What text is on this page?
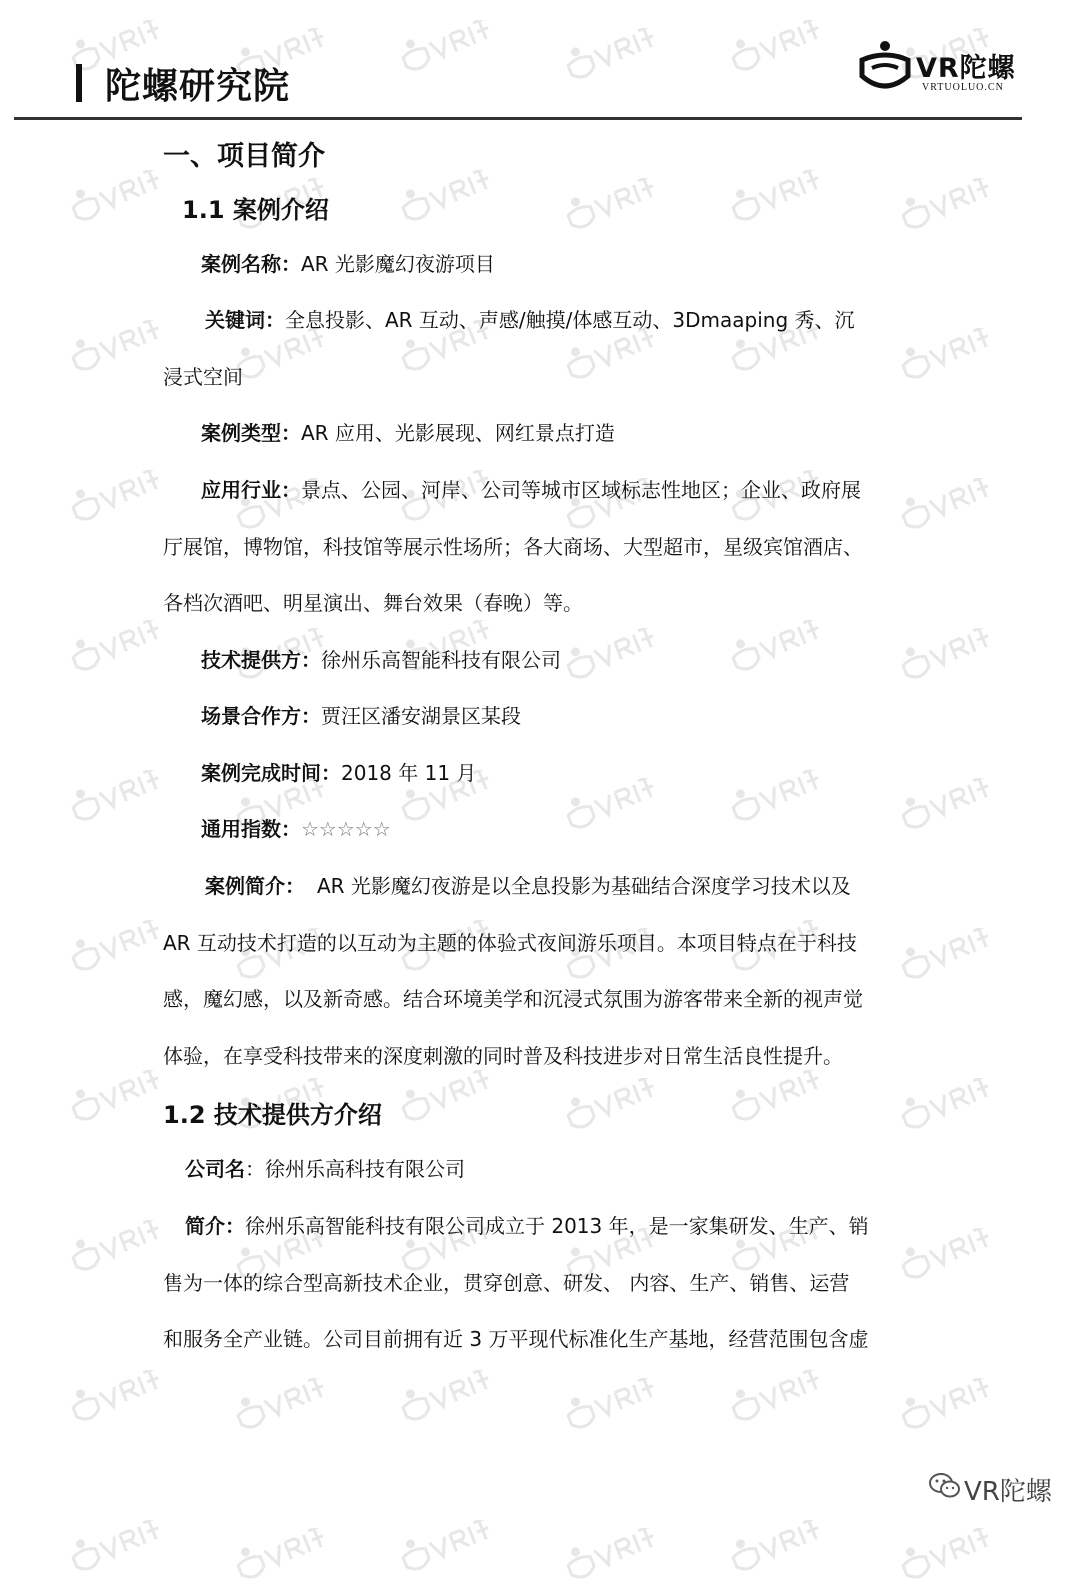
陀螺研究院	VR陀螺
VRTUOLUO.CN
一、项目简介
1.1 案例介绍
案例名称：AR 光影魔幻夜游项目
关键词：全息投影、AR 互动、声感/触摸/体感互动、3Dmaaping 秀、沉
浸式空间
案例类型：AR 应用、光影展现、网红景点打造
应用行业：景点、公园、河岸、公司等城市区域标志性地区；企业、政府展
厅展馆，博物馆，科技馆等展示性场所；各大商场、大型超市，星级宾馆酒店、
各档次酒吧、明星演出、舞台效果（春晚）等。
技术提供方：徐州乐高智能科技有限公司
场景合作方：贾汪区潘安湖景区某段
案例完成时间：2018 年 11 月
通用指数：☆☆☆☆☆
案例简介： AR 光影魔幻夜游是以全息投影为基础结合深度学习技术以及
AR 互动技术打造的以互动为主题的体验式夜间游乐项目。本项目特点在于科技
感，魔幻感，以及新奇感。结合环境美学和沉浸式氛围为游客带来全新的视声觉
体验，在享受科技带来的深度刺激的同时普及科技进步对日常生活良性提升。
1.2 技术提供方介绍
公司名：徐州乐高科技有限公司
简介：徐州乐高智能科技有限公司成立于 2013 年，是一家集研发、生产、销
售为一体的综合型高新技术企业，贯穿创意、研发、 内容、生产、销售、运营
和服务全产业链。公司目前拥有近 3 万平现代标准化生产基地，经营范围包含虚
VR陀螺
